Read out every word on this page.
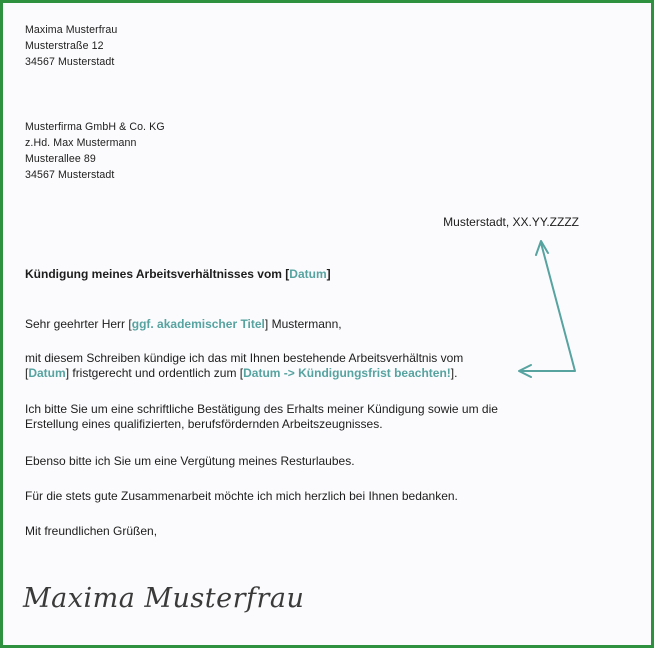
Maxima Musterfrau
Musterstraße 12
34567 Musterstadt
Musterfirma GmbH & Co. KG
z.Hd. Max Mustermann
Musterallee 89
34567 Musterstadt
Musterstadt, XX.YY.ZZZZ
Kündigung meines Arbeitsverhältnisses vom [Datum]
Sehr geehrter Herr [ggf. akademischer Titel] Mustermann,
mit diesem Schreiben kündige ich das mit Ihnen bestehende Arbeitsverhältnis vom
[Datum] fristgerecht und ordentlich zum [Datum -> Kündigungsfrist beachten!].
Ich bitte Sie um eine schriftliche Bestätigung des Erhalts meiner Kündigung sowie um die
Erstellung eines qualifizierten, berufsfördernden Arbeitszeugnisses.
Ebenso bitte ich Sie um eine Vergütung meines Resturlaubes.
Für die stets gute Zusammenarbeit möchte ich mich herzlich bei Ihnen bedanken.
Mit freundlichen Grüßen,
Maxima Musterfrau
